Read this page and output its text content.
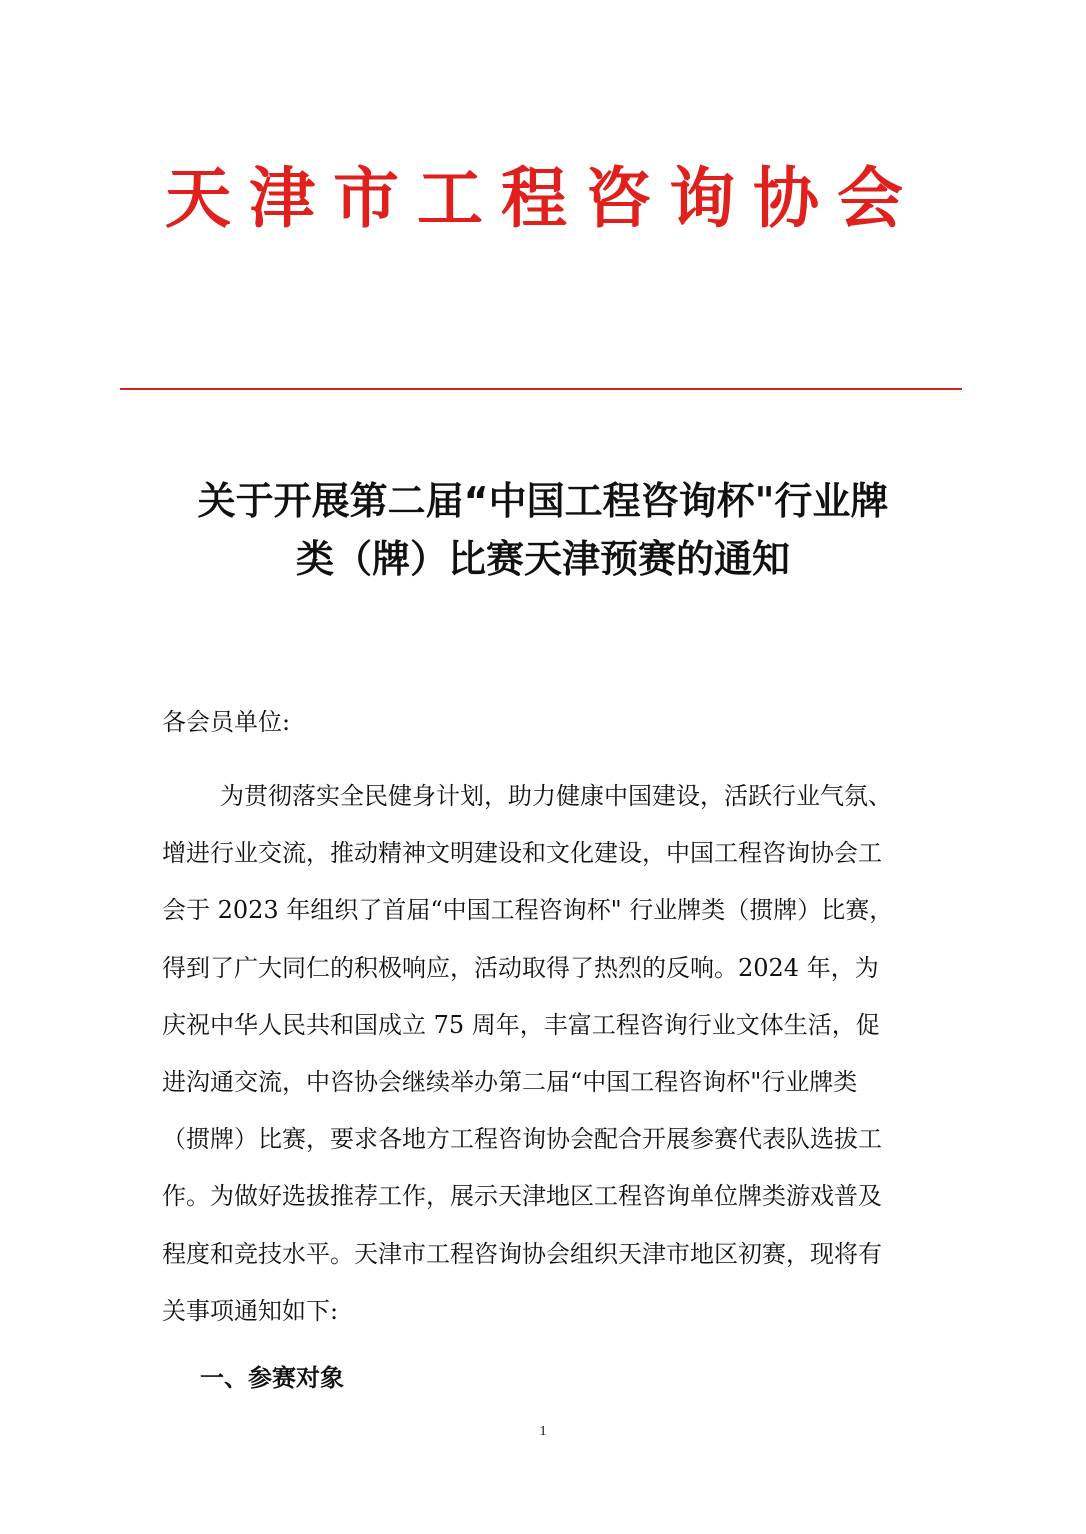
天津市工程咨询协会
关于开展第二届“中国工程咨询杯"行业牌
类（牌）比赛天津预赛的通知
各会员单位:
为贯彻落实全民健身计划，助力健康中国建设，活跃行业气氛、
增进行业交流，推动精神文明建设和文化建设，中国工程咨询协会工
会于 2023 年组织了首届“中国工程咨询杯" 行业牌类（掼牌）比赛，
得到了广大同仁的积极响应，活动取得了热烈的反响。2024 年，为
庆祝中华人民共和国成立 75 周年，丰富工程咨询行业文体生活，促
进沟通交流，中咨协会继续举办第二届“中国工程咨询杯"行业牌类
（掼牌）比赛，要求各地方工程咨询协会配合开展参赛代表队选拔工
作。为做好选拔推荐工作，展示天津地区工程咨询单位牌类游戏普及
程度和竞技水平。天津市工程咨询协会组织天津市地区初赛，现将有
关事项通知如下:
一、参赛对象
1
